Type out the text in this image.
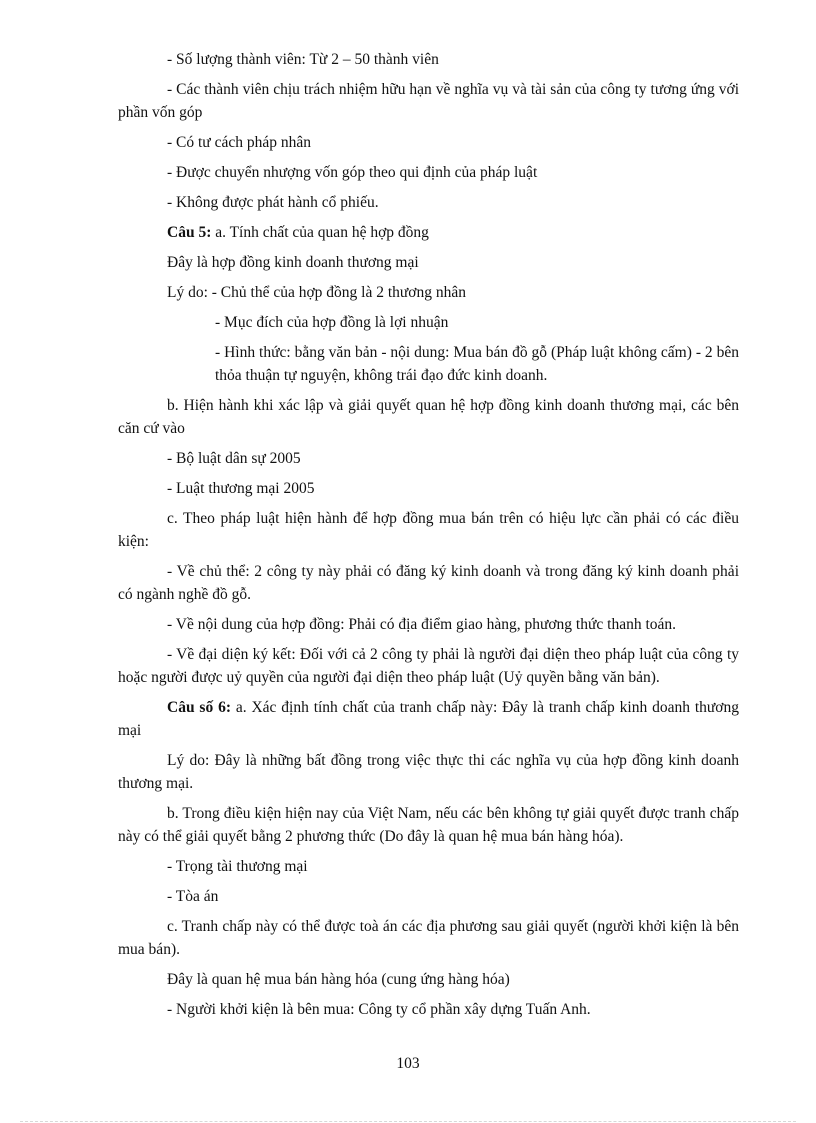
- Số lượng thành viên: Từ 2 – 50 thành viên

- Các thành viên chịu trách nhiệm hữu hạn về nghĩa vụ và tài sản của công ty tương ứng với phần vốn góp

- Có tư cách pháp nhân

- Được chuyển nhượng vốn góp theo qui định của pháp luật

- Không được phát hành cổ phiếu.

Câu 5: a. Tính chất của quan hệ hợp đồng

Đây là hợp đồng kinh doanh thương mại

Lý do: - Chủ thể của hợp đồng là 2 thương nhân

- Mục đích của hợp đồng là lợi nhuận

- Hình thức: bằng văn bản - nội dung: Mua bán đồ gỗ (Pháp luật không cấm) - 2 bên thỏa thuận tự nguyện, không trái đạo đức kinh doanh.

b. Hiện hành khi xác lập và giải quyết quan hệ hợp đồng kinh doanh thương mại, các bên căn cứ vào

- Bộ luật dân sự 2005

- Luật thương mại 2005

c. Theo pháp luật hiện hành để hợp đồng mua bán trên có hiệu lực cần phải có các điều kiện:

- Về chủ thể: 2 công ty này phải có đăng ký kinh doanh và trong đăng ký kinh doanh phải có ngành nghề đồ gỗ.

- Về nội dung của hợp đồng: Phải có địa điểm giao hàng, phương thức thanh toán.

- Về đại diện ký kết: Đối với cả 2 công ty phải là người đại diện theo pháp luật của công ty hoặc người được uỷ quyền của người đại diện theo pháp luật (Uỷ quyền bằng văn bản).

Câu số 6: a. Xác định tính chất của tranh chấp này: Đây là tranh chấp kinh doanh thương mại

Lý do: Đây là những bất đồng trong việc thực thi các nghĩa vụ của hợp đồng kinh doanh thương mại.

b. Trong điều kiện hiện nay của Việt Nam, nếu các bên không tự giải quyết được tranh chấp này có thể giải quyết bằng 2 phương thức (Do đây là quan hệ mua bán hàng hóa).

- Trọng tài thương mại

- Tòa án

c. Tranh chấp này có thể được toà án các địa phương sau giải quyết (người khởi kiện là bên mua bán).

Đây là quan hệ mua bán hàng hóa (cung ứng hàng hóa)

- Người khởi kiện là bên mua: Công ty cổ phần xây dựng Tuấn Anh.

103
